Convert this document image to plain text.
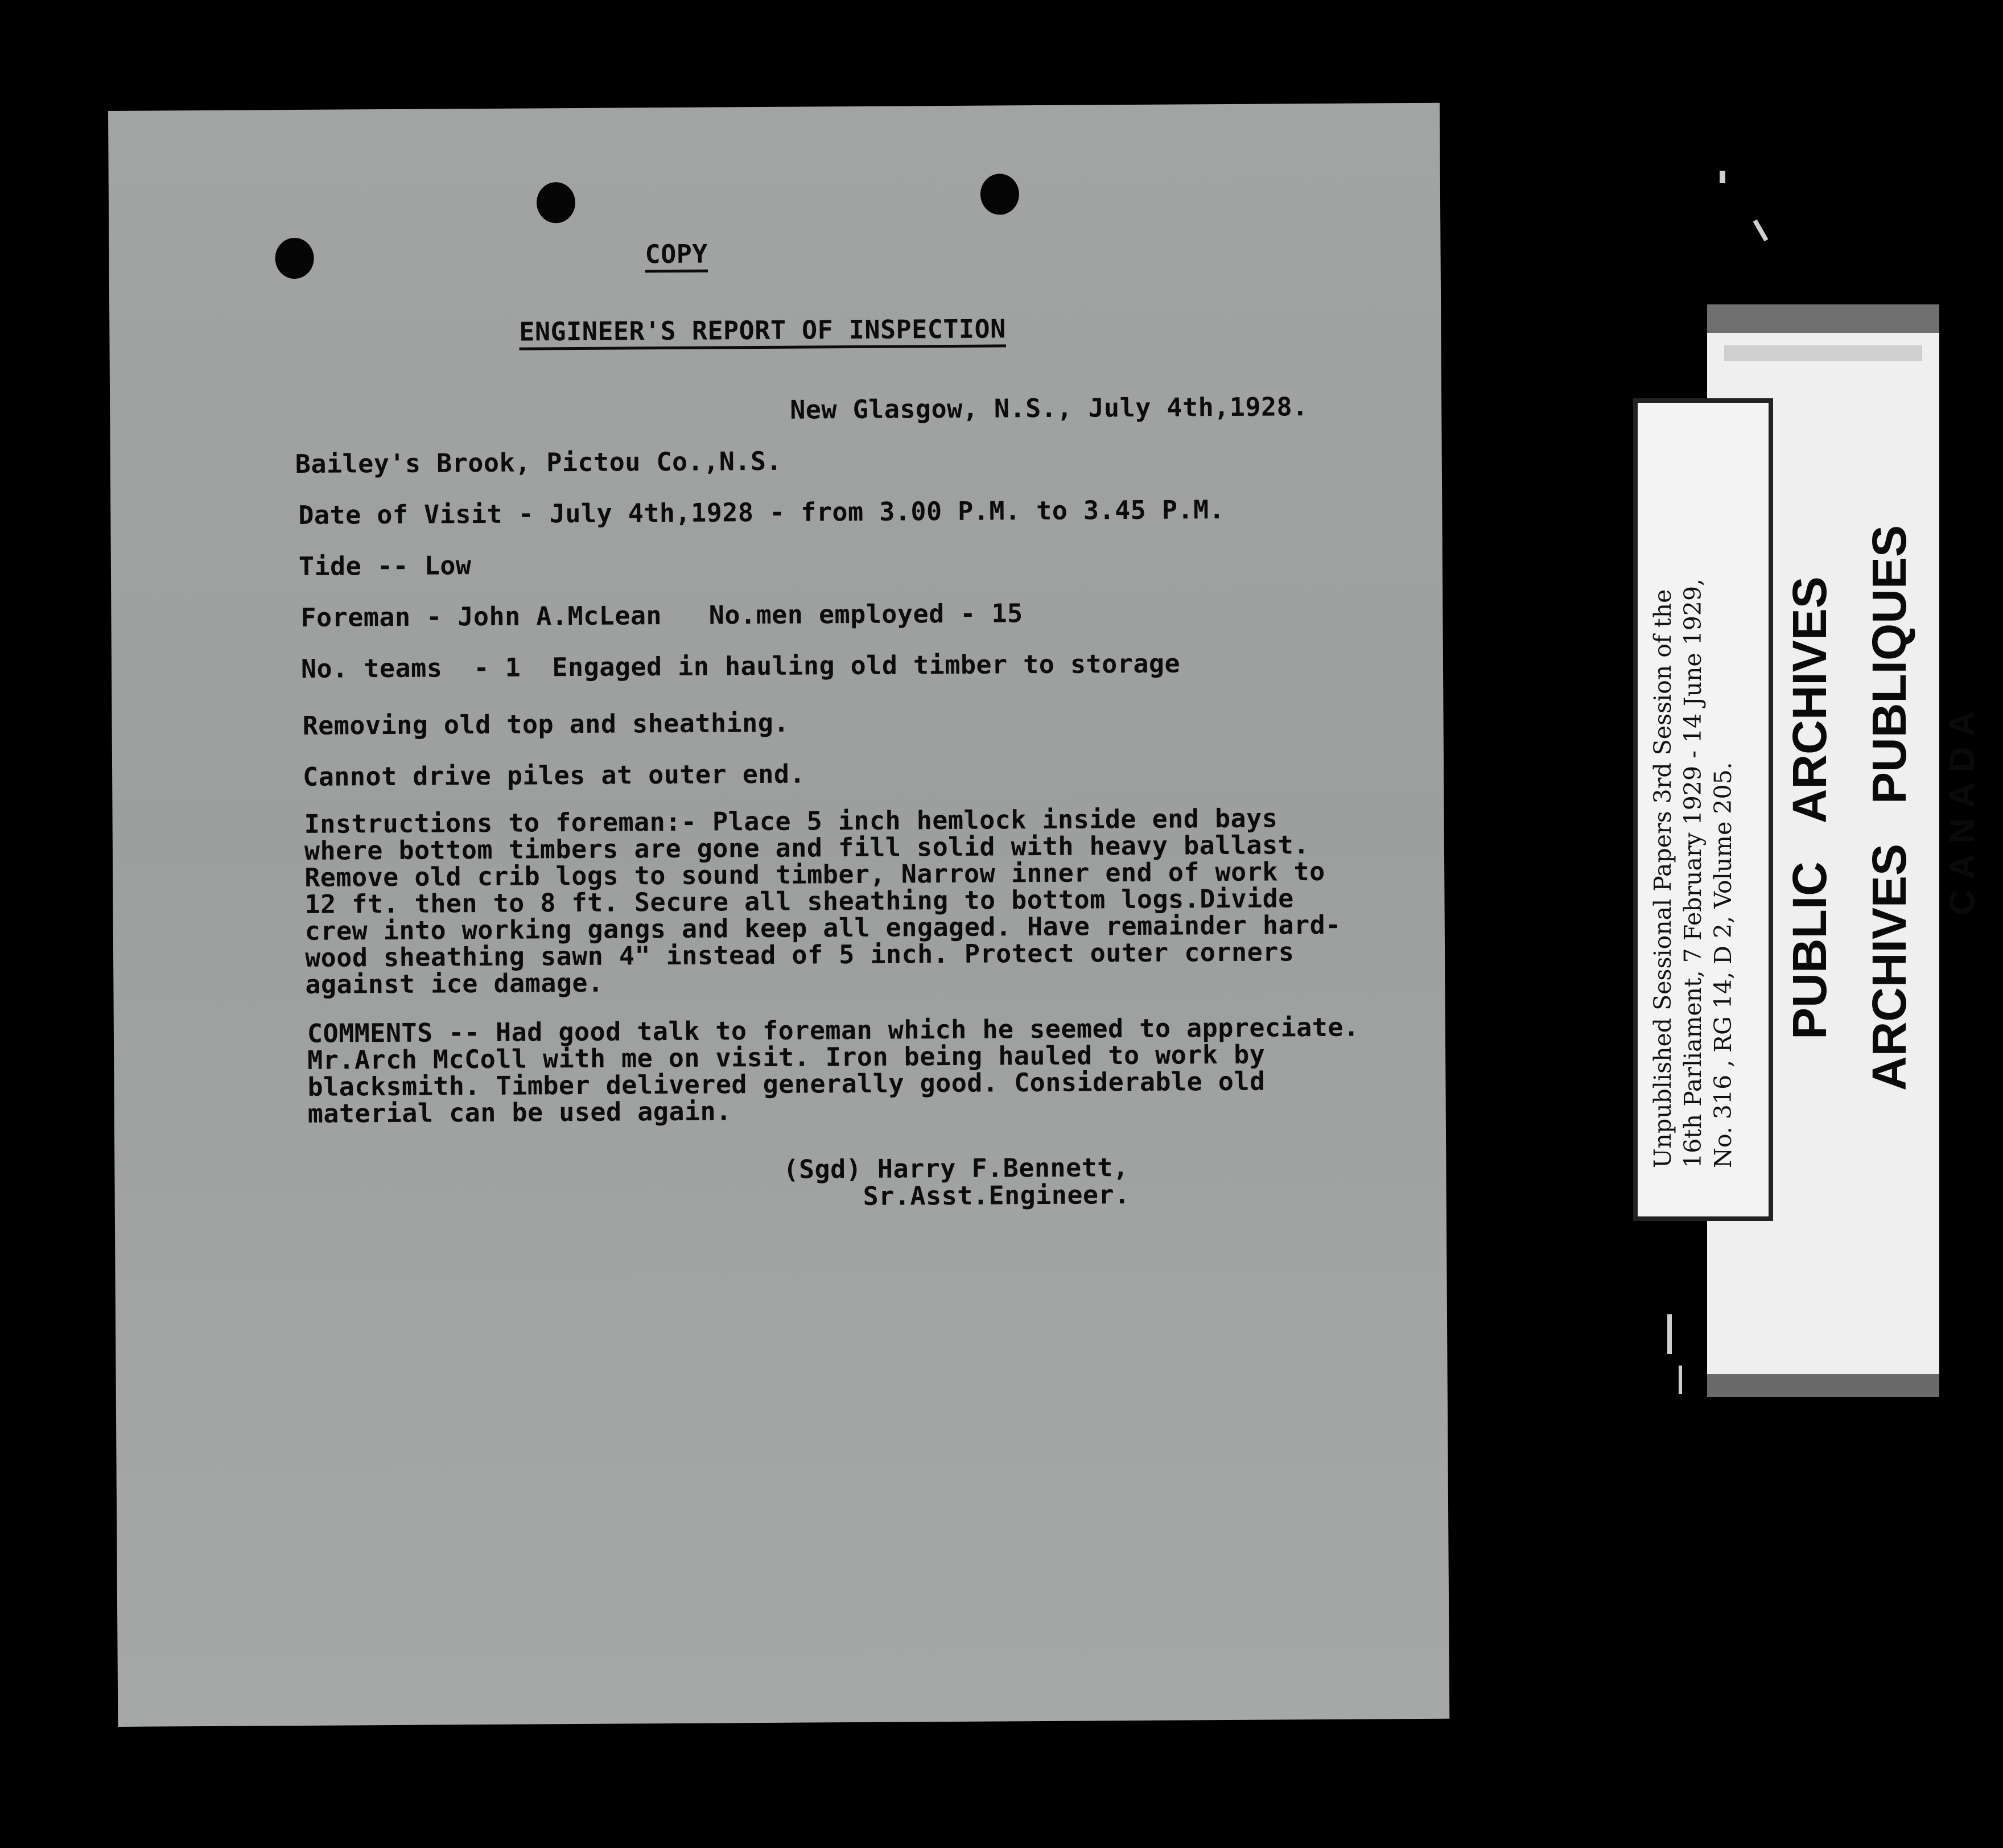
COPY

ENGINEER'S REPORT OF INSPECTION

New Glasgow, N.S., July 4th,1928.

Bailey's Brook, Pictou Co.,N.S.

Date of Visit - July 4th,1928 - from 3.00 P.M. to 3.45 P.M.

Tide -- Low

Foreman - John A.McLean   No.men employed - 15

No. teams  - 1  Engaged in hauling old timber to storage

Removing old top and sheathing.

Cannot drive piles at outer end.

Instructions to foreman:- Place 5 inch hemlock inside end bays
where bottom timbers are gone and fill solid with heavy ballast.
Remove old crib logs to sound timber, Narrow inner end of work to
12 ft. then to 8 ft. Secure all sheathing to bottom logs.Divide
crew into working gangs and keep all engaged. Have remainder hard-
wood sheathing sawn 4" instead of 5 inch. Protect outer corners
against ice damage.

COMMENTS -- Had good talk to foreman which he seemed to appreciate.
Mr.Arch McColl with me on visit. Iron being hauled to work by
blacksmith. Timber delivered generally good. Considerable old
material can be used again.

(Sgd) Harry F.Bennett,

Sr.Asst.Engineer.

PUBLIC   ARCHIVES

ARCHIVES   PUBLIQUES

CANADA

Unpublished Sessional Papers 3rd Session of the
16th Parliament, 7 February 1929 - 14 June 1929,
No. 316 , RG 14, D 2, Volume 205.
